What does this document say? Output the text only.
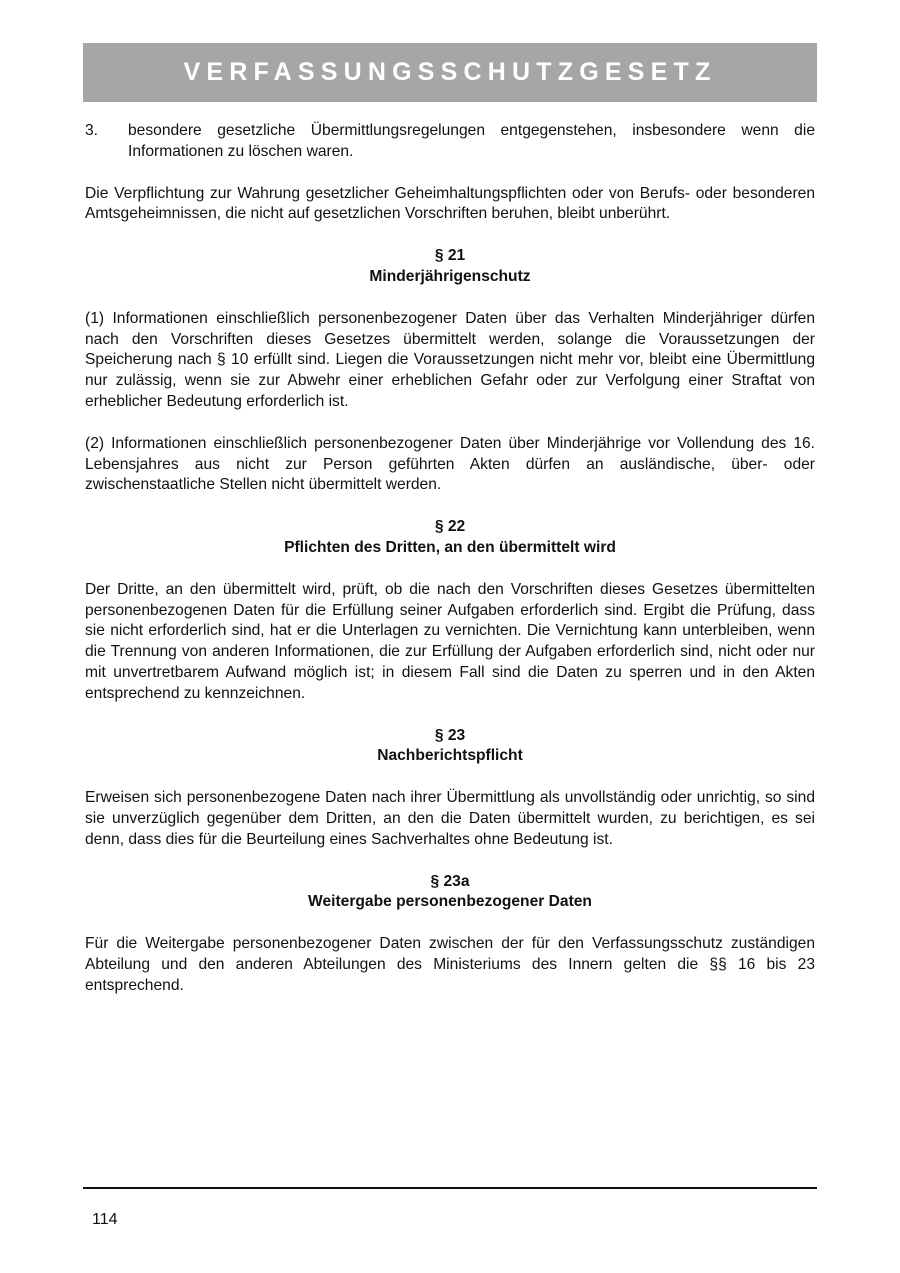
VERFASSUNGSSCHUTZGESETZ
3.	besondere gesetzliche Übermittlungsregelungen entgegenstehen, insbesondere wenn die Informationen zu löschen waren.

Die Verpflichtung zur Wahrung gesetzlicher Geheimhaltungspflichten oder von Berufs- oder besonderen Amtsgeheimnissen, die nicht auf gesetzlichen Vorschriften beruhen, bleibt unberührt.

§ 21
Minderjährigenschutz

(1) Informationen einschließlich personenbezogener Daten über das Verhalten Minderjähriger dürfen nach den Vorschriften dieses Gesetzes übermittelt werden, solange die Voraussetzungen der Speicherung nach § 10 erfüllt sind. Liegen die Voraussetzungen nicht mehr vor, bleibt eine Übermittlung nur zulässig, wenn sie zur Abwehr einer erheblichen Gefahr oder zur Verfolgung einer Straftat von erheblicher Bedeutung erforderlich ist.

(2) Informationen einschließlich personenbezogener Daten über Minderjährige vor Vollendung des 16. Lebensjahres aus nicht zur Person geführten Akten dürfen an ausländische, über- oder zwischenstaatliche Stellen nicht übermittelt werden.

§ 22
Pflichten des Dritten, an den übermittelt wird

Der Dritte, an den übermittelt wird, prüft, ob die nach den Vorschriften dieses Gesetzes übermittelten personenbezogenen Daten für die Erfüllung seiner Aufgaben erforderlich sind. Ergibt die Prüfung, dass sie nicht erforderlich sind, hat er die Unterlagen zu vernichten. Die Vernichtung kann unterbleiben, wenn die Trennung von anderen Informationen, die zur Erfüllung der Aufgaben erforderlich sind, nicht oder nur mit unvertretbarem Aufwand möglich ist; in diesem Fall sind die Daten zu sperren und in den Akten entsprechend zu kennzeichnen.

§ 23
Nachberichtspflicht

Erweisen sich personenbezogene Daten nach ihrer Übermittlung als unvollständig oder unrichtig, so sind sie unverzüglich gegenüber dem Dritten, an den die Daten übermittelt wurden, zu berichtigen, es sei denn, dass dies für die Beurteilung eines Sachverhaltes ohne Bedeutung ist.

§ 23a
Weitergabe personenbezogener Daten

Für die Weitergabe personenbezogener Daten zwischen der für den Verfassungsschutz zuständigen Abteilung und den anderen Abteilungen des Ministeriums des Innern gelten die §§ 16 bis 23 entsprechend.

114
